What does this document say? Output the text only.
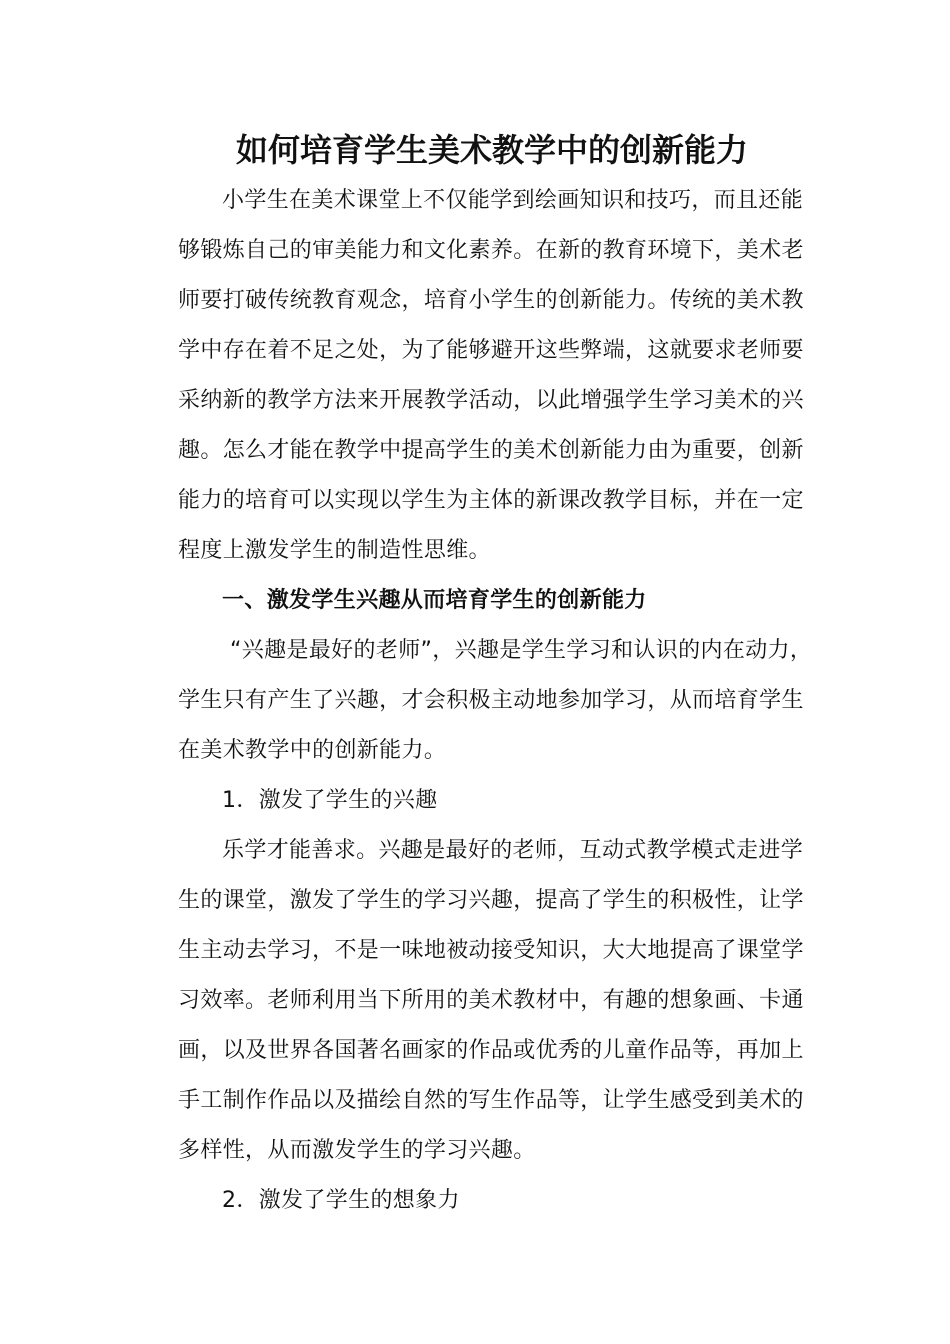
如何培育学生美术教学中的创新能力
小学生在美术课堂上不仅能学到绘画知识和技巧，而且还能
够锻炼自己的审美能力和文化素养。在新的教育环境下，美术老
师要打破传统教育观念，培育小学生的创新能力。传统的美术教
学中存在着不足之处，为了能够避开这些弊端，这就要求老师要
采纳新的教学方法来开展教学活动，以此增强学生学习美术的兴
趣。怎么才能在教学中提高学生的美术创新能力由为重要，创新
能力的培育可以实现以学生为主体的新课改教学目标，并在一定
程度上激发学生的制造性思维。
一、激发学生兴趣从而培育学生的创新能力
“兴趣是最好的老师”，兴趣是学生学习和认识的内在动力，
学生只有产生了兴趣，才会积极主动地参加学习，从而培育学生
在美术教学中的创新能力。
1．激发了学生的兴趣
乐学才能善求。兴趣是最好的老师，互动式教学模式走进学
生的课堂，激发了学生的学习兴趣，提高了学生的积极性，让学
生主动去学习，不是一味地被动接受知识，大大地提高了课堂学
习效率。老师利用当下所用的美术教材中，有趣的想象画、卡通
画，以及世界各国著名画家的作品或优秀的儿童作品等，再加上
手工制作作品以及描绘自然的写生作品等，让学生感受到美术的
多样性，从而激发学生的学习兴趣。
2．激发了学生的想象力
